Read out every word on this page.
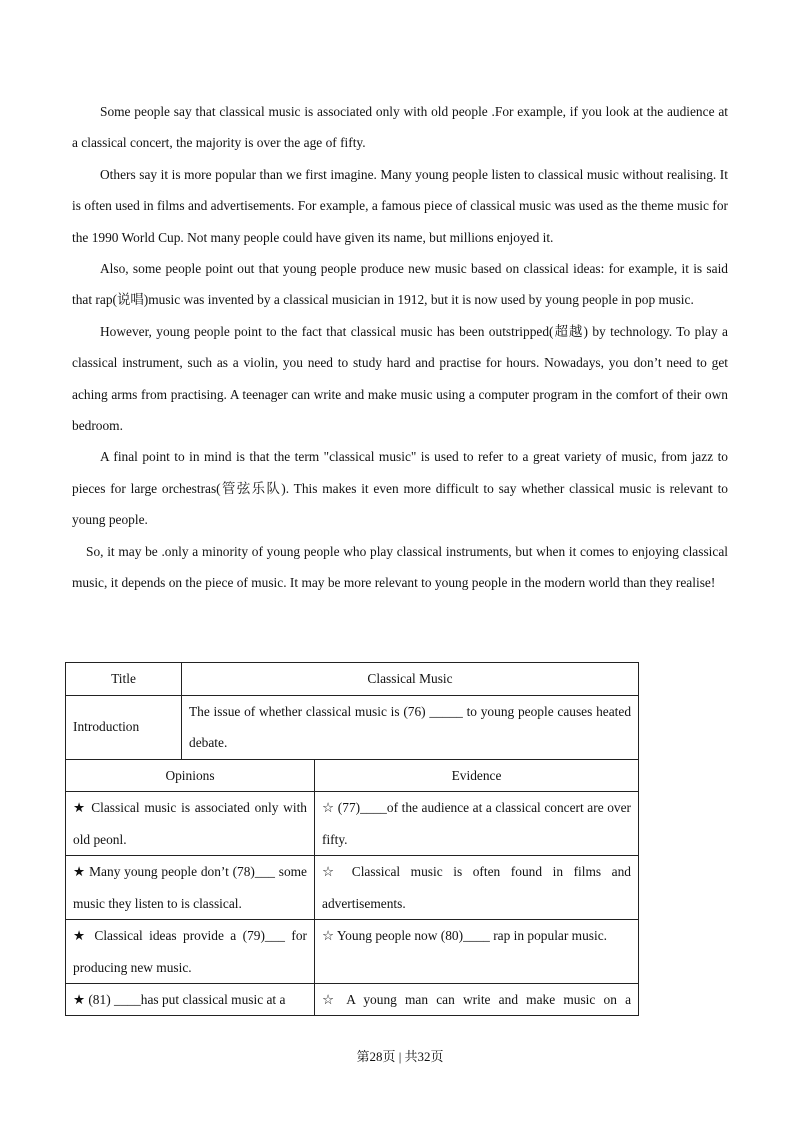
Some people say that classical music is associated only with old people .For example, if you look at the audience at a classical concert, the majority is over the age of fifty.

Others say it is more popular than we first imagine. Many young people listen to classical music without realising. It is often used in films and advertisements. For example, a famous piece of classical music was used as the theme music for the 1990 World Cup. Not many people could have given its name, but millions enjoyed it.

Also, some people point out that young people produce new music based on classical ideas: for example, it is said that rap(说唱)music was invented by a classical musician in 1912, but it is now used by young people in pop music.

However, young people point to the fact that classical music has been outstripped(超越) by technology. To play a classical instrument, such as a violin, you need to study hard and practise for hours. Nowadays, you don’t need to get aching arms from practising. A teenager can write and make music using a computer program in the comfort of their own bedroom.

A final point to in mind is that the term "classical music" is used to refer to a great variety of music, from jazz to pieces for large orchestras(管弦乐队). This makes it even more difficult to say whether classical music is relevant to young people.

So, it may be .only a minority of young people who play classical instruments, but when it comes to enjoying classical music, it depends on the piece of music. It may be more relevant to young people in the modern world than they realise!

Title	Classical Music	
Introduction	The issue of whether classical music is (76) _____ to young people causes heated debate.	
Opinions		Evidence
★ Classical music is associated only with old peonl.		☆ (77)____of the audience at a classical concert are over fifty.
★ Many young people don’t (78)___ some music they listen to is classical.		☆ Classical music is often found in films and advertisements.
★ Classical ideas provide a (79)___ for producing new music.		☆ Young people now (80)____ rap in popular music.

★ (81) ____has put classical music at a		☆ A young man can write and make music on a
第28页 | 共32页
